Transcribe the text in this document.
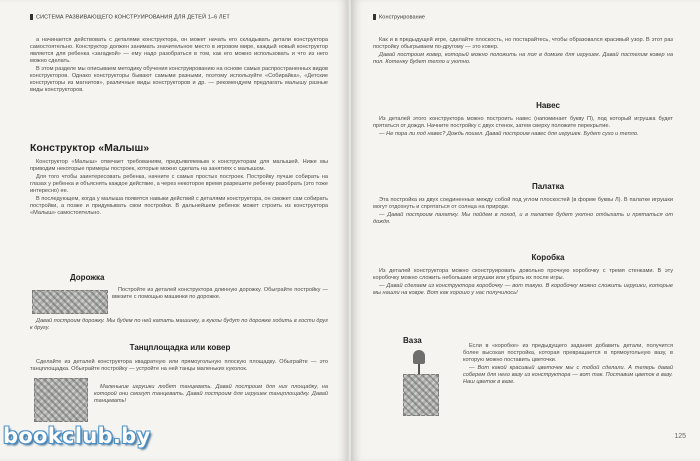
СИСТЕМА РАЗВИВАЮЩЕГО КОНСТРУИРОВАНИЯ ДЛЯ ДЕТЕЙ 1–6 ЛЕТ

а начинается действовать с деталями конструктора, он может начать его складывать детали конструктора самостоятельно. Конструктор должен занимать значительное место в игровом мире, каждый новый конструктор является для ребенка «загадкой» — ему надо разобраться в том, как его можно использовать и что из него можно сделать.

В этом разделе мы описываем методику обучения конструированию на основе самых распространенных видов конструкторов. Однако конструкторы бывают самыми разными, поэтому используйте «Собирайка», «Детские конструкторы из магнитов», различные виды конструкторов и др. — рекомендуем предлагать малышу разные виды конструкторов.

Конструктор «Малыш»

Конструктор «Малыш» отвечает требованиям, предъявляемым к конструкторам для малышей. Ниже мы приводим некоторые примеры построек, которые можно сделать на занятиях с малышом.

Для того чтобы заинтересовать ребенка, начните с самых простых построек. Постройку лучше собирать на глазах у ребенка и объяснять каждое действие, а через некоторое время разрешите ребенку разобрать (это тоже интересно) ее.

В последующем, когда у малыша появятся навыки действий с деталями конструктора, он сможет сам собирать постройки, а позже и придумывать свои постройки. В дальнейшем ребенок может строить из конструктора «Малыш» самостоятельно.

Дорожка

Постройте из деталей конструктора длинную дорожку. Обыграйте постройку — ввезите с помощью машинки по дорожке.

Давай построим дорожку. Мы будем по ней катать машинку, а куклы будут по дорожке ходить в гости друг к другу.

Танцплощадка или ковер

Сделайте из деталей конструктора квадратную или прямоугольную плоскую площадку. Обыграйте — это танцплощадка. Обыграйте постройку — устройте на ней танцы маленьких куколок.

Маленькие игрушки любят танцевать. Давай построим для них площадку, на которой они смогут танцевать. Давай построим для игрушек танцплощадку. Давай танцевать!

Конструирование

Как и в предыдущей игре, сделайте плоскость, но постарайтесь, чтобы образовался красивый узор. В этот раз постройку обыгрываем по-другому — это ковер.

Давай построим ковер, который можно положить на пол в домике для игрушек. Давай постелим ковер на пол. Котенку будет тепло и уютно.

Навес

Из деталей этого конструктора можно построить навес (напоминает букву П), под который игрушка будет прятаться от дождя. Начните постройку с двух стенок, затем сверху положите перекрытие.

— Не пора ли под навес? Дождь пошел. Давай построим навес для игрушек. Будет сухо и тепло.

Палатка

Эта постройка из двух соединенных между собой под углом плоскостей (в форме буквы Л). В палатке игрушки могут отдохнуть и спрятаться от солнца на природе.

— Давай построим палатку. Мы пойдем в поход, и в палатке будет уютно отдыхать и прятаться от дождя.

Коробка

Из деталей конструктора можно сконструировать довольно прочную коробочку с тремя стенками. В эту коробочку можно сложить небольшие игрушки или убрать их после игры.

— Давай сделаем из конструктора коробочку — вот такую. В коробочку можно сложить игрушки, которые мы нашли на ковре. Вот как хорошо у нас получилось!

Ваза

Если в «коробке» из предыдущего задания добавить детали, получится более высокая постройка, которая превращается в прямоугольную вазу, в которую можно поставить цветочки.

— Вот какой красивый цветочек мы с тобой сделали. А теперь давай соберем для него вазу из конструктора — вот так. Поставим цветок в вазу. Наш цветок в вазе.

125
bookclub.by
